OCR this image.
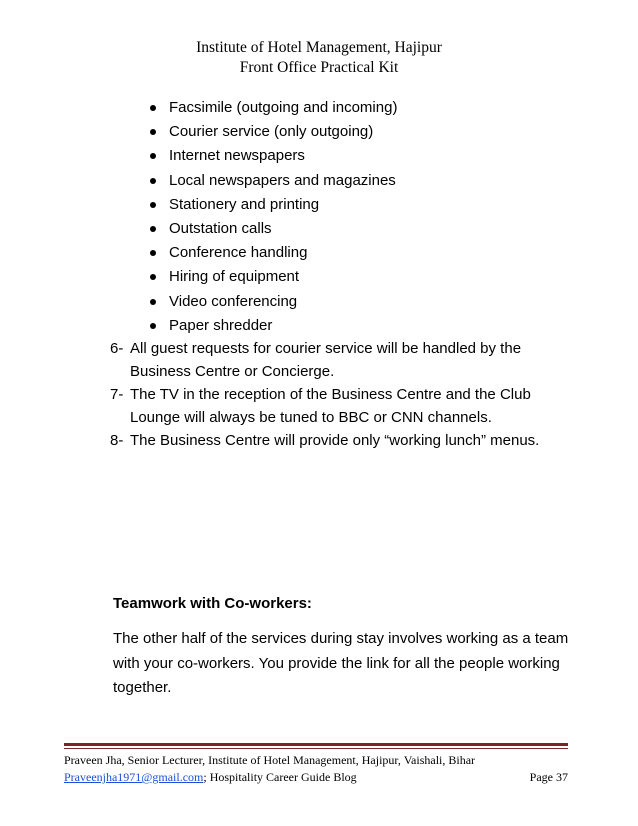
Institute of Hotel Management, Hajipur
Front Office Practical Kit
Facsimile (outgoing and incoming)
Courier service (only outgoing)
Internet newspapers
Local newspapers and magazines
Stationery and printing
Outstation calls
Conference handling
Hiring of equipment
Video conferencing
Paper shredder
6- All guest requests for courier service will be handled by the
Business Centre or Concierge.
7- The TV in the reception of the Business Centre and the Club
Lounge will always be tuned to BBC or CNN channels.
8- The Business Centre will provide only “working lunch” menus.
Teamwork with Co-workers:

The other half of the services during stay involves working as a team with your co-workers. You provide the link for all the people working together.

Praveen Jha, Senior Lecturer, Institute of Hotel Management, Hajipur, Vaishali, Bihar
Praveenjha1971@gmail.com; Hospitality Career Guide Blog	Page 37
